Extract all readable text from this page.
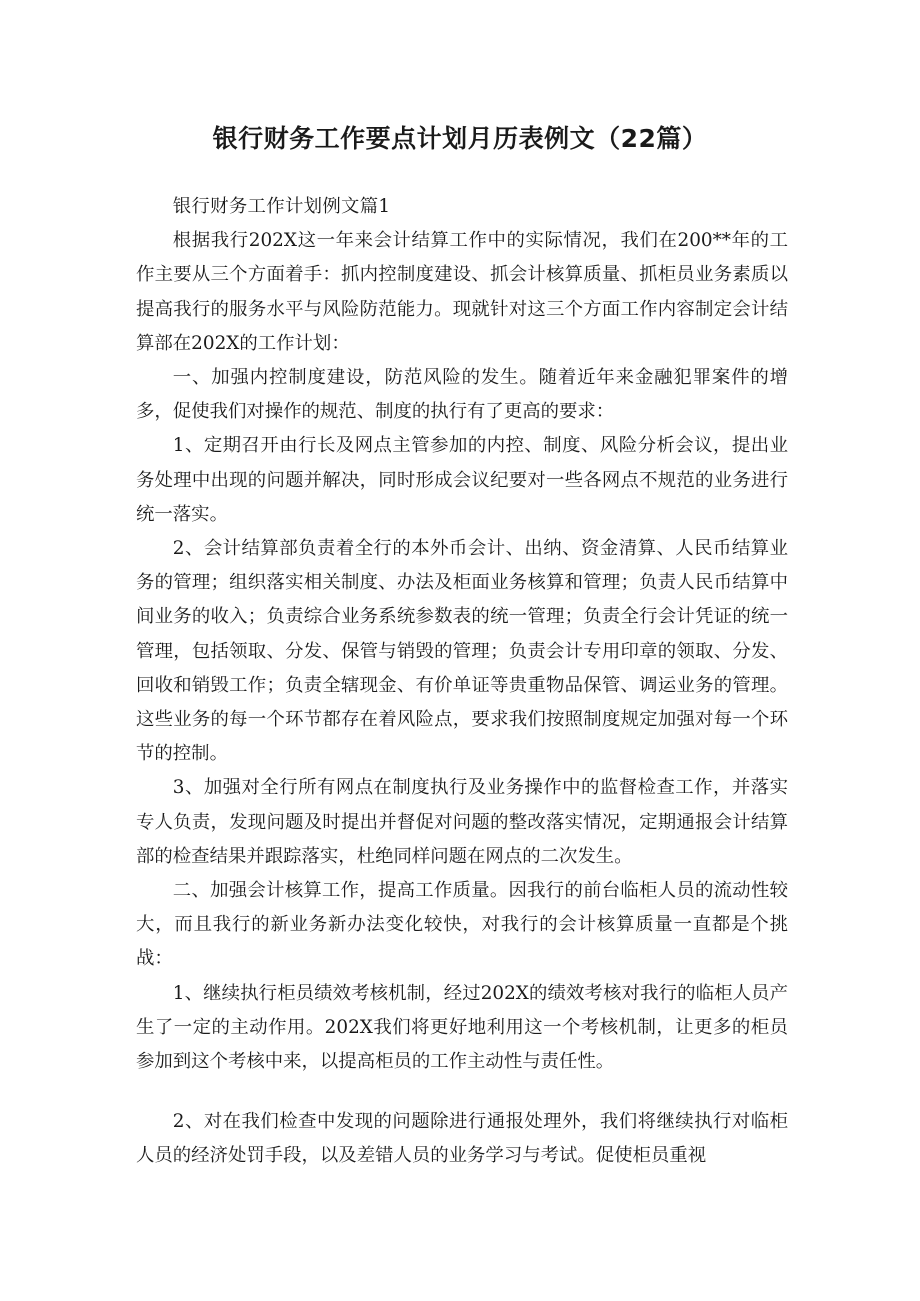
银行财务工作要点计划月历表例文（22篇）

银行财务工作计划例文篇1

根据我行202X这一年来会计结算工作中的实际情况，我们在200**年的工作主要从三个方面着手：抓内控制度建设、抓会计核算质量、抓柜员业务素质以提高我行的服务水平与风险防范能力。现就针对这三个方面工作内容制定会计结算部在202X的工作计划：

一、加强内控制度建设，防范风险的发生。随着近年来金融犯罪案件的增多，促使我们对操作的规范、制度的执行有了更高的要求：

1、定期召开由行长及网点主管参加的内控、制度、风险分析会议，提出业务处理中出现的问题并解决，同时形成会议纪要对一些各网点不规范的业务进行统一落实。

2、会计结算部负责着全行的本外币会计、出纳、资金清算、人民币结算业务的管理；组织落实相关制度、办法及柜面业务核算和管理；负责人民币结算中间业务的收入；负责综合业务系统参数表的统一管理；负责全行会计凭证的统一管理，包括领取、分发、保管与销毁的管理；负责会计专用印章的领取、分发、回收和销毁工作；负责全辖现金、有价单证等贵重物品保管、调运业务的管理。这些业务的每一个环节都存在着风险点，要求我们按照制度规定加强对每一个环节的控制。

3、加强对全行所有网点在制度执行及业务操作中的监督检查工作，并落实专人负责，发现问题及时提出并督促对问题的整改落实情况，定期通报会计结算部的检查结果并跟踪落实，杜绝同样问题在网点的二次发生。

二、加强会计核算工作，提高工作质量。因我行的前台临柜人员的流动性较大，而且我行的新业务新办法变化较快，对我行的会计核算质量一直都是个挑战：

1、继续执行柜员绩效考核机制，经过202X的绩效考核对我行的临柜人员产生了一定的主动作用。202X我们将更好地利用这一个考核机制，让更多的柜员参加到这个考核中来，以提高柜员的工作主动性与责任性。

2、对在我们检查中发现的问题除进行通报处理外，我们将继续执行对临柜人员的经济处罚手段，以及差错人员的业务学习与考试。促使柜员重视
